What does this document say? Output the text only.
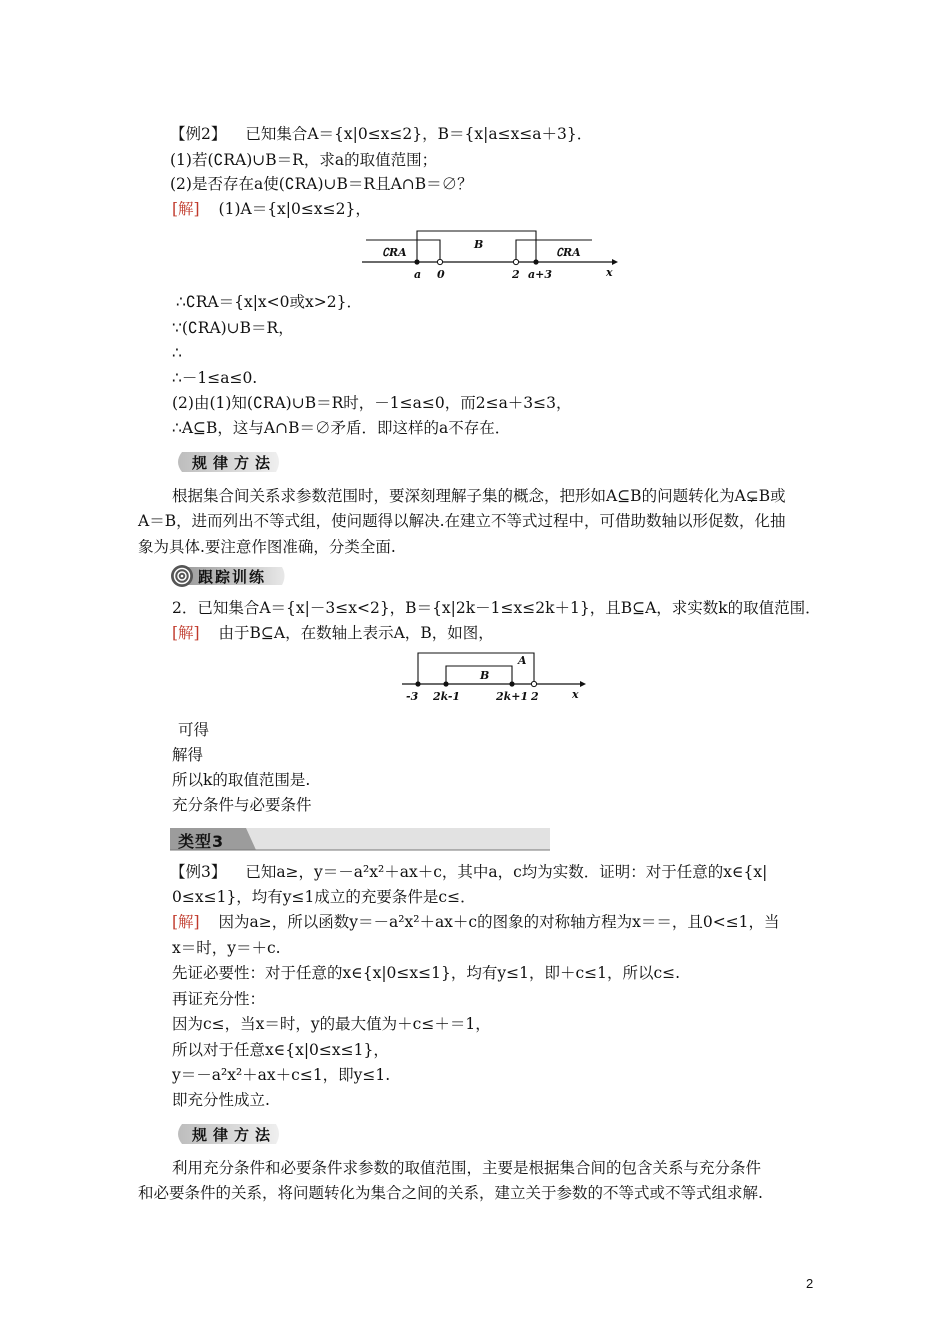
【例2】 已知集合A＝{x|0≤x≤2}，B＝{x|a≤x≤a＋3}．
(1)若(∁RA)∪B＝R，求a的取值范围；
(2)是否存在a使(∁RA)∪B＝R且A∩B＝∅？
[解] (1)A＝{x|0≤x≤2}，
∁RA
B
∁RA
a 0	2 a+3	x
∴∁RA＝{x|x<0或x>2}．
∵(∁RA)∪B＝R，
∴
∴－1≤a≤0.
(2)由(1)知(∁RA)∪B＝R时，－1≤a≤0，而2≤a＋3≤3，
∴A⊆B，这与A∩B＝∅矛盾．即这样的a不存在．
规律方法
根据集合间关系求参数范围时，要深刻理解子集的概念，把形如A⊆B的问题转化为A⊊B或
A＝B，进而列出不等式组，使问题得以解决.在建立不等式过程中，可借助数轴以形促数，化抽
象为具体.要注意作图准确，分类全面.
跟踪训练
2．已知集合A＝{x|－3≤x<2}，B＝{x|2k－1≤x≤2k＋1}，且B⊆A，求实数k的取值范围．
[解] 由于B⊆A，在数轴上表示A，B，如图，
A
B
-3 2k-1	2k+1 2	x
可得
解得
所以k的取值范围是.
充分条件与必要条件
类型3
【例3】 已知a≥，y＝－a²x²＋ax＋c，其中a，c均为实数．证明：对于任意的x∈{x|
0≤x≤1}，均有y≤1成立的充要条件是c≤．
[解] 因为a≥，所以函数y＝－a²x²＋ax＋c的图象的对称轴方程为x＝＝，且0<≤1，当
x＝时，y＝＋c.
先证必要性：对于任意的x∈{x|0≤x≤1}，均有y≤1，即＋c≤1，所以c≤.
再证充分性：
因为c≤，当x＝时，y的最大值为＋c≤＋＝1，
所以对于任意x∈{x|0≤x≤1}，
y＝－a²x²＋ax＋c≤1，即y≤1.
即充分性成立.
规律方法
利用充分条件和必要条件求参数的取值范围，主要是根据集合间的包含关系与充分条件
和必要条件的关系，将问题转化为集合之间的关系，建立关于参数的不等式或不等式组求解.
2
